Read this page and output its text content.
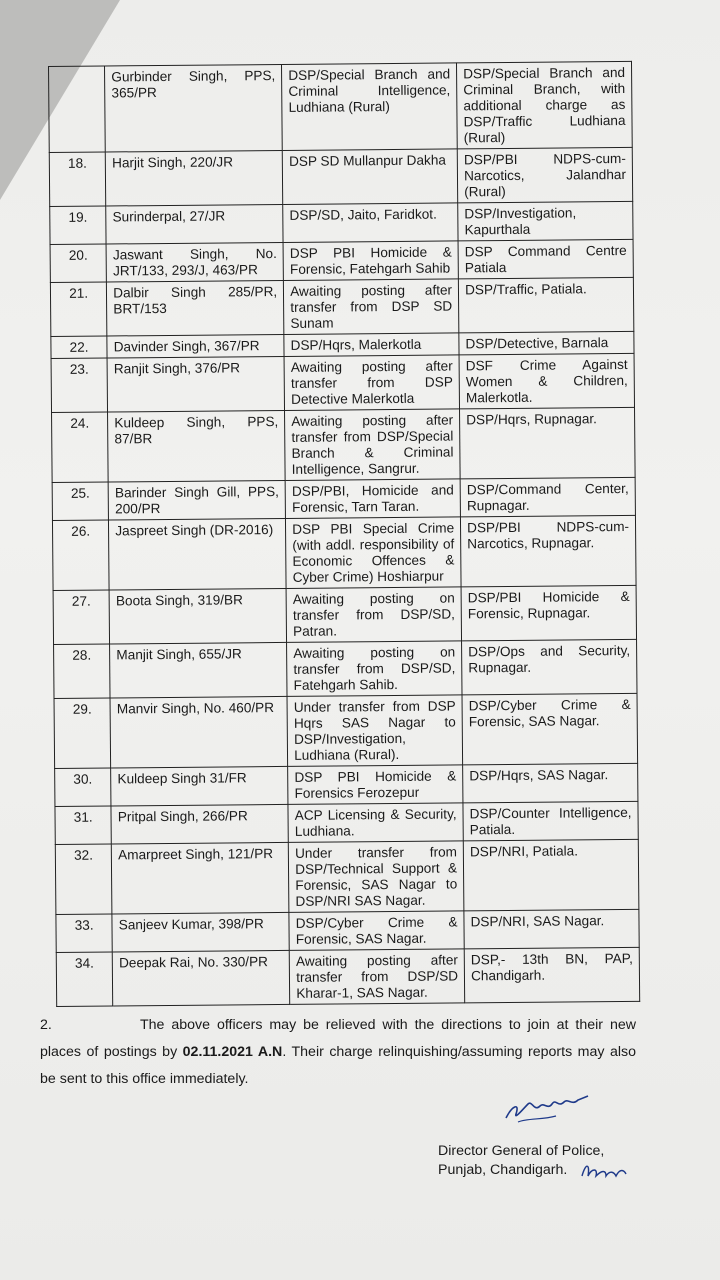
	Gurbinder Singh, PPS, 365/PR	DSP/Special Branch and Criminal Intelligence, Ludhiana (Rural)	DSP/Special Branch and Criminal Branch, with additional charge as DSP/Traffic Ludhiana (Rural)
18.	Harjit Singh, 220/JR	DSP SD Mullanpur Dakha	DSP/PBI NDPS-cum-Narcotics, Jalandhar (Rural)
19.	Surinderpal, 27/JR	DSP/SD, Jaito, Faridkot.	DSP/Investigation, Kapurthala
20.	Jaswant Singh, No. JRT/133, 293/J, 463/PR	DSP PBI Homicide & Forensic, Fatehgarh Sahib	DSP Command Centre Patiala
21.	Dalbir Singh 285/PR, BRT/153	Awaiting posting after transfer from DSP SD Sunam	DSP/Traffic, Patiala.
22.	Davinder Singh, 367/PR	DSP/Hqrs, Malerkotla	DSP/Detective, Barnala
23.	Ranjit Singh, 376/PR	Awaiting posting after transfer from DSP Detective Malerkotla	DSF Crime Against Women & Children, Malerkotla.
24.	Kuldeep Singh, PPS, 87/BR	Awaiting posting after transfer from DSP/Special Branch & Criminal Intelligence, Sangrur.	DSP/Hqrs, Rupnagar.
25.	Barinder Singh Gill, PPS, 200/PR	DSP/PBI, Homicide and Forensic, Tarn Taran.	DSP/Command Center, Rupnagar.
26.	Jaspreet Singh (DR-2016)	DSP PBI Special Crime (with addl. responsibility of Economic Offences & Cyber Crime) Hoshiarpur	DSP/PBI NDPS-cum-Narcotics, Rupnagar.
27.	Boota Singh, 319/BR	Awaiting posting on transfer from DSP/SD, Patran.	DSP/PBI Homicide & Forensic, Rupnagar.
28.	Manjit Singh, 655/JR	Awaiting posting on transfer from DSP/SD, Fatehgarh Sahib.	DSP/Ops and Security, Rupnagar.
29.	Manvir Singh, No. 460/PR	Under transfer from DSP Hqrs SAS Nagar to DSP/Investigation, Ludhiana (Rural).	DSP/Cyber Crime & Forensic, SAS Nagar.
30.	Kuldeep Singh 31/FR	DSP PBI Homicide & Forensics Ferozepur	DSP/Hqrs, SAS Nagar.
31.	Pritpal Singh, 266/PR	ACP Licensing & Security, Ludhiana.	DSP/Counter Intelligence, Patiala.
32.	Amarpreet Singh, 121/PR	Under transfer from DSP/Technical Support & Forensic, SAS Nagar to DSP/NRI SAS Nagar.	DSP/NRI, Patiala.
33.	Sanjeev Kumar, 398/PR	DSP/Cyber Crime & Forensic, SAS Nagar.	DSP/NRI, SAS Nagar.
34.	Deepak Rai, No. 330/PR	Awaiting posting after transfer from DSP/SD Kharar-1, SAS Nagar.	DSP,- 13th BN, PAP, Chandigarh.
2.	The above officers may be relieved with the directions to join at their new places of postings by 02.11.2021 A.N. Their charge relinquishing/assuming reports may also be sent to this office immediately.
Director General of Police,
Punjab, Chandigarh.
